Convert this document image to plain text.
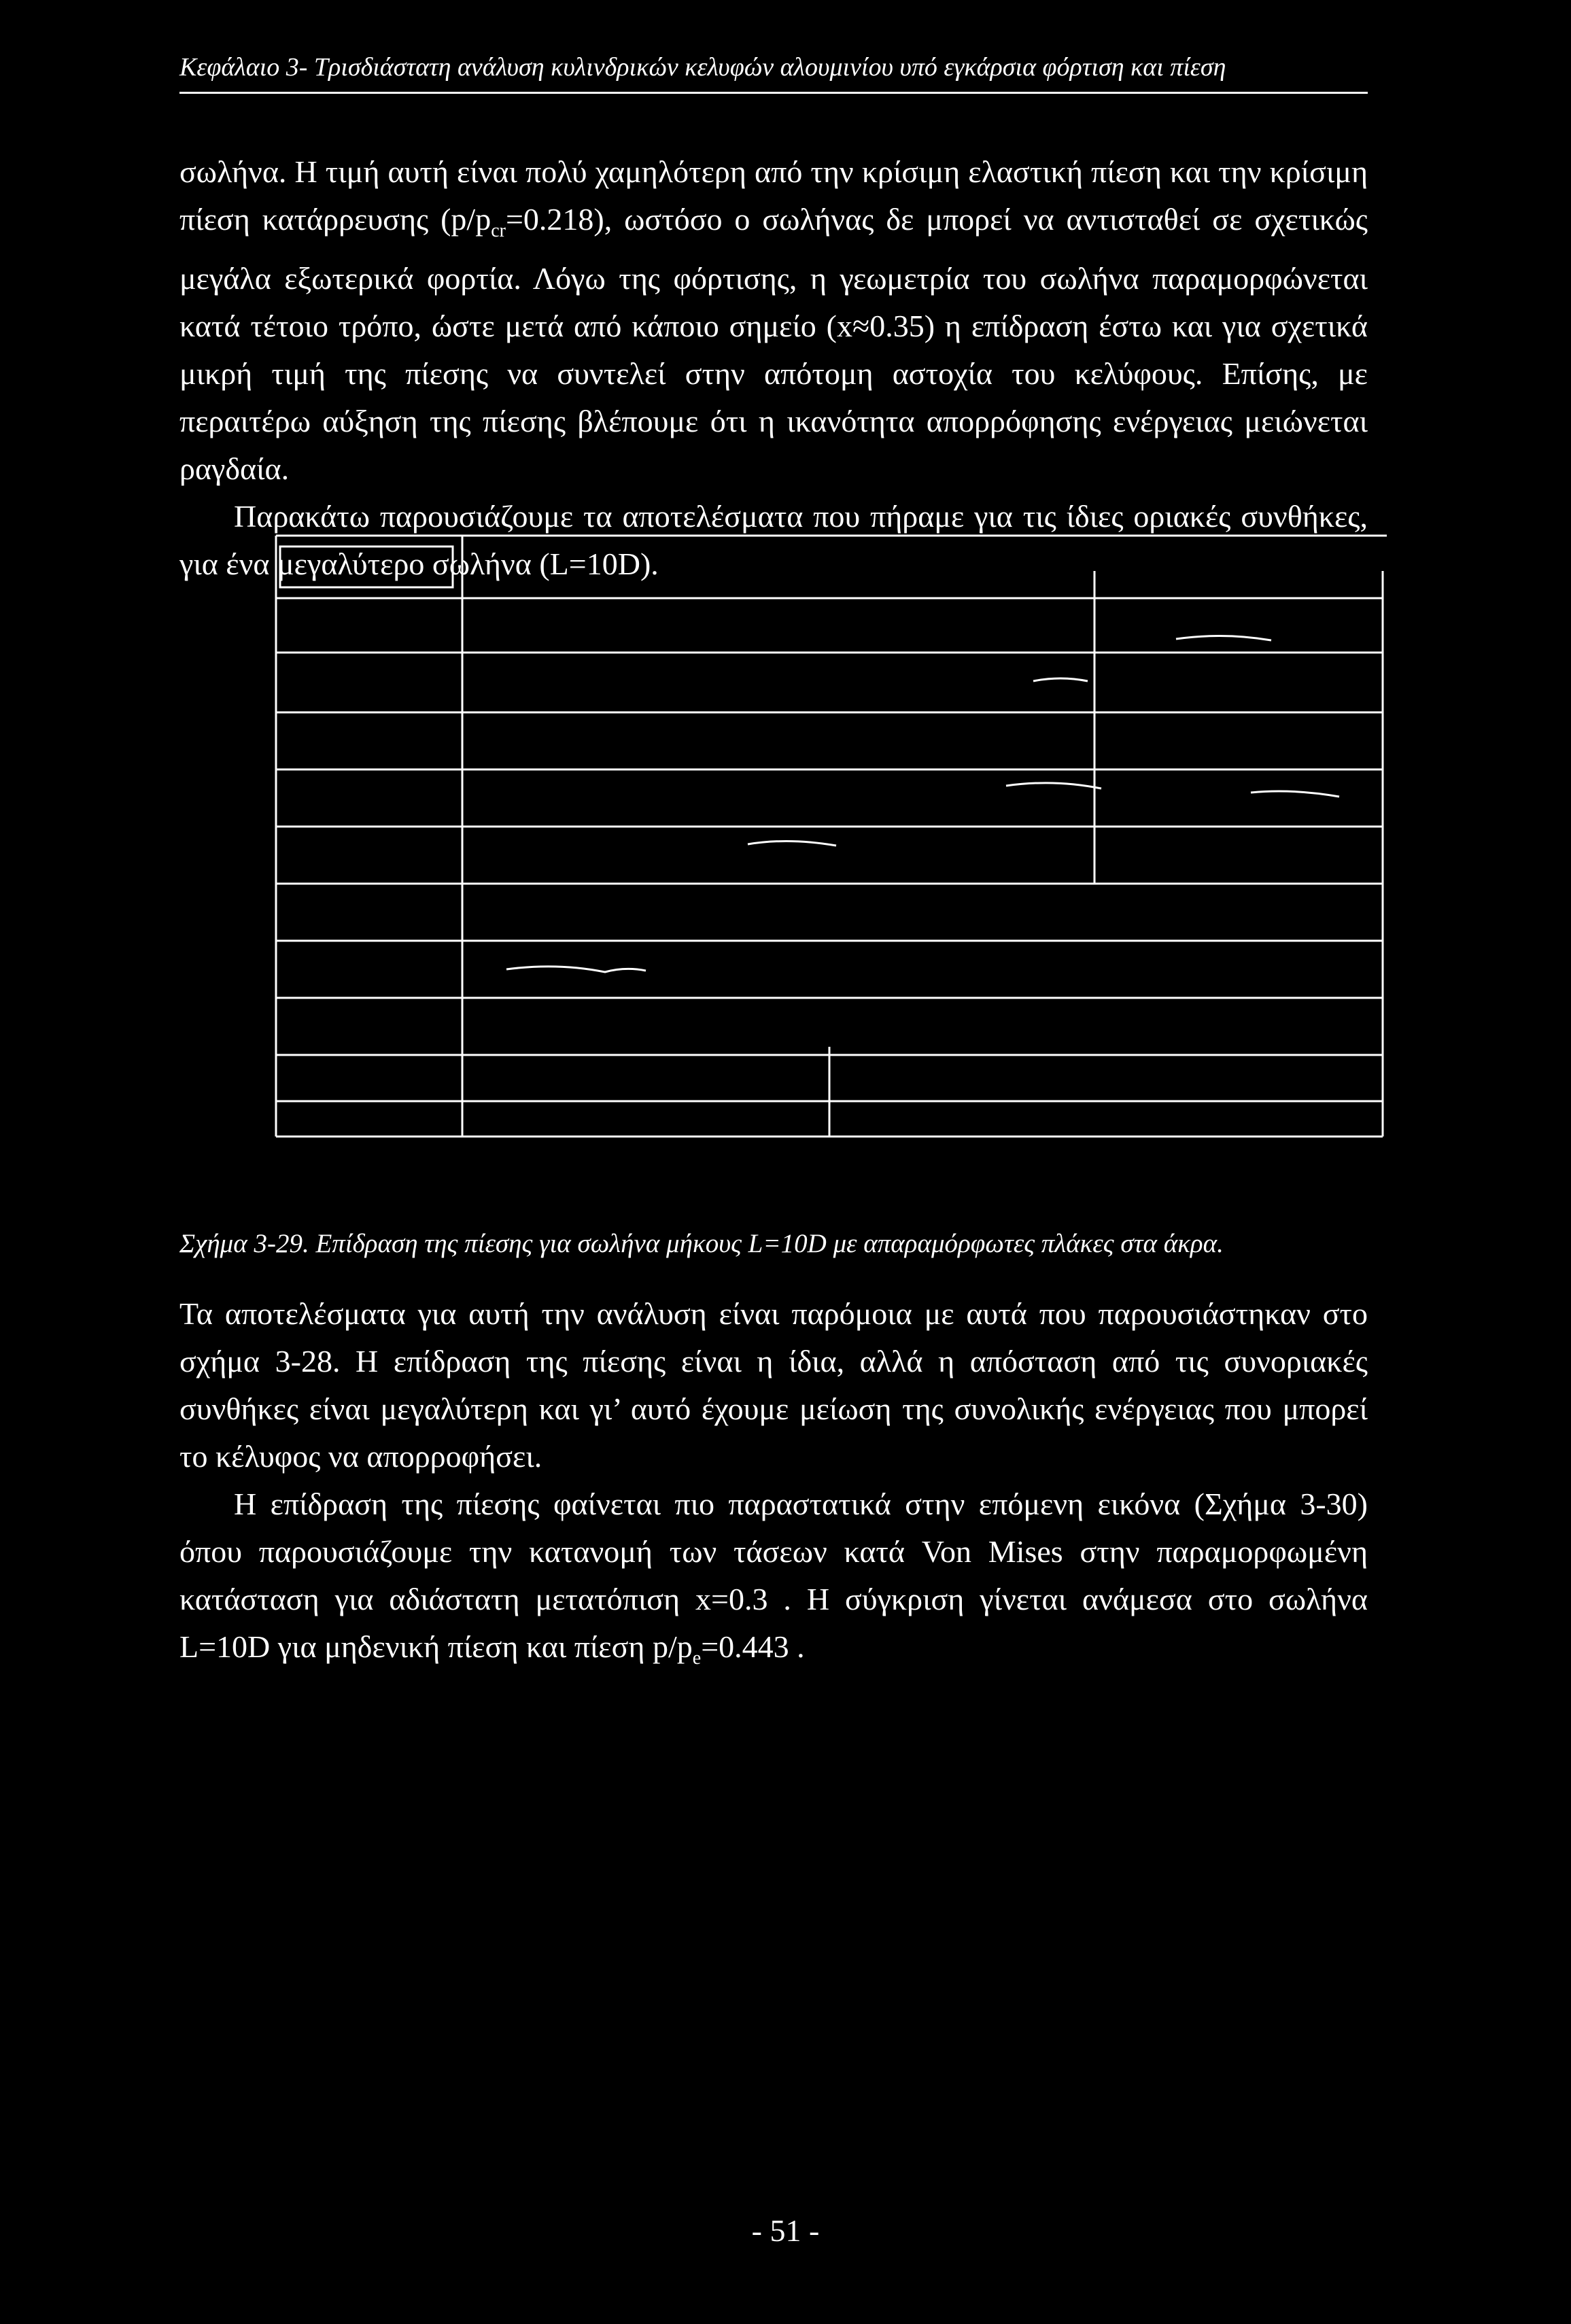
Κεφάλαιο 3- Τρισδιάστατη ανάλυση κυλινδρικών κελυφών αλουμινίου υπό εγκάρσια φόρτιση και πίεση
σωλήνα. Η τιμή αυτή είναι πολύ χαμηλότερη από την κρίσιμη ελαστική πίεση και την κρίσιμη πίεση κατάρρευσης $(p/p_{cr}=0.218)$, ωστόσο ο σωλήνας δε μπορεί να αντισταθεί σε σχετικώς μεγάλα εξωτερικά φορτία. Λόγω της φόρτισης, η γεωμετρία του σωλήνα παραμορφώνεται κατά τέτοιο τρόπο, ώστε μετά από κάποιο σημείο (x≈0.35) η επίδραση έστω και για σχετικά μικρή τιμή της πίεσης να συντελεί στην απότομη αστοχία του κελύφους. Επίσης, με περαιτέρω αύξηση της πίεσης βλέπουμε ότι η ικανότητα απορρόφησης ενέργειας μειώνεται ραγδαία.
Παρακάτω παρουσιάζουμε τα αποτελέσματα που πήραμε για τις ίδιες οριακές συνθήκες, για ένα μεγαλύτερο σωλήνα (L=10D).
Σχήμα 3-29. Επίδραση της πίεσης για σωλήνα μήκους L=10D με απαραμόρφωτες πλάκες στα άκρα.
Τα αποτελέσματα για αυτή την ανάλυση είναι παρόμοια με αυτά που παρουσιάστηκαν στο σχήμα 3-28. Η επίδραση της πίεσης είναι η ίδια, αλλά η απόσταση από τις συνοριακές συνθήκες είναι μεγαλύτερη και γι’ αυτό έχουμε μείωση της συνολικής ενέργειας που μπορεί το κέλυφος να απορροφήσει.
Η επίδραση της πίεσης φαίνεται πιο παραστατικά στην επόμενη εικόνα (Σχήμα 3-30) όπου παρουσιάζουμε την κατανομή των τάσεων κατά Von Mises στην παραμορφωμένη κατάσταση για αδιάστατη μετατόπιση x=0.3 . Η σύγκριση γίνεται ανάμεσα στο σωλήνα L=10D για μηδενική πίεση και πίεση $p/p_e=0.443$ .
- 51 -
